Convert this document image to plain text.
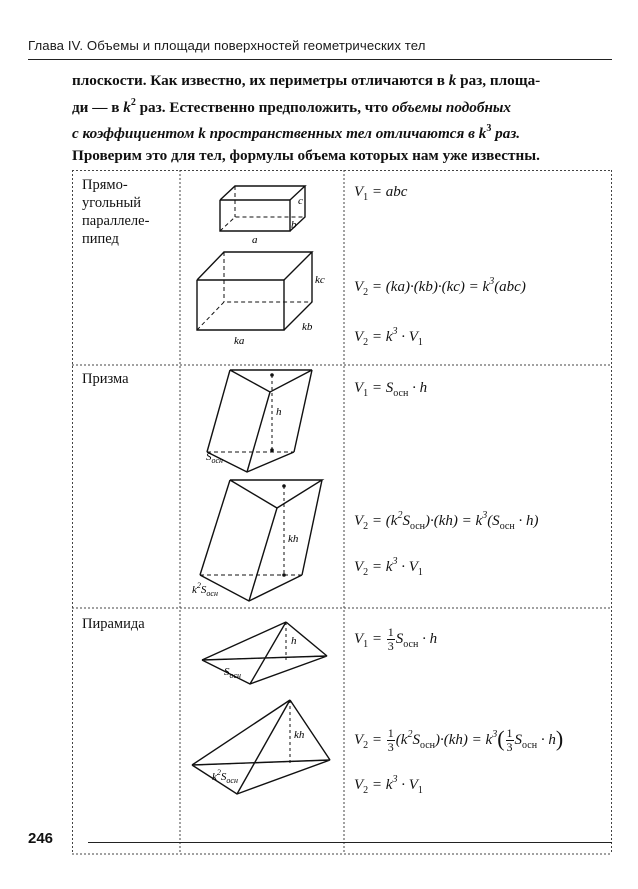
Глава IV. Объемы и площади поверхностей геометрических тел
плоскости. Как известно, их периметры отличаются в k раз, площа-
ди — в $k^2$ раз. Естественно предположить, что объемы подобных
с коэффициентом k пространственных тел отличаются в $k^3$ раз.
Проверим это для тел, формулы объема которых нам уже известны.
a
b
c
ka
kb
kc
h
$S_{осн}$
kh
$k^2S_{осн}$
h
$S_{осн}$
kh
$k^2S_{осн}$
Прямо-
угольный
параллеле-
пипед
Призма
Пирамида
$V_1$ = abc
$V_2 = (ka)\cdot(kb)\cdot(kc) = k^3(abc)$
$V_2 = k^3 \cdot V_1$
$V_1 = S_{осн} \cdot h$
$V_2 = (k^2S_{осн})\cdot(kh) = k^3(S_{осн} \cdot h)$
$V_2 = k^3 \cdot V_1$
$V_1 = \frac{1}{3} S_{осн} \cdot h$
$V_2 = \frac{1}{3} (k^2S_{осн})\cdot(kh) = k^3( \frac{1}{3} S_{осн} \cdot h)$
$V_2 = k^3 \cdot V_1$
246
